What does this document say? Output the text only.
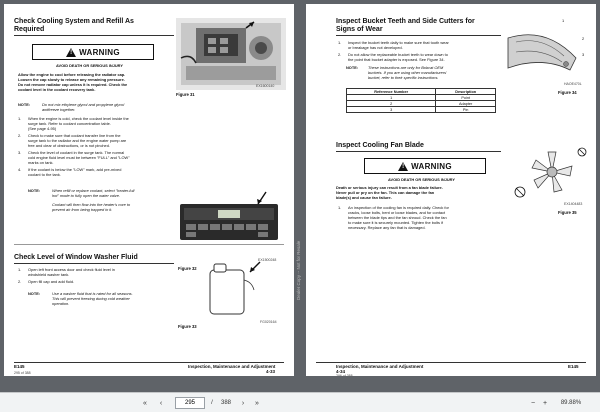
Check Cooling System and Refill As
Required
!
WARNING
AVOID DEATH OR SERIOUS INJURY
Allow the engine to cool before releasing the radiator cap.
Loosen the cap slowly to release any remaining pressure.
Do not remove radiator cap unless it is required. Check the
coolant level in the coolant recovery tank.
NOTE:	Do not mix ethylene glycol and propylene glycol
antifreeze together.
1.	When the engine is cold, check the coolant level inside the
surge tank. Refer to coolant concentration table.
(See page 4-95)
2.	Check to make sure that coolant transfer line from the
surge tank to the radiator and the engine water pump are
free and clear of obstructions, or is not pinched.
3.	Check the level of coolant in the surge tank. The normal
cold engine fluid level must be between "FULL" and "LOW"
marks on tank.
4.	If the coolant is below the "LOW" mark, add pre-mixed
coolant to the tank.
NOTE:	When refill or replace coolant, select "heater-full
hot" mode to fully open the water valve.
Coolant will then flow into the heater's core to
prevent air from being trapped in it.
EX1600140
Figure 31
EX1500248
Figure 32
Check Level of Window Washer Fluid
1.	Open left front access door and check fluid level in
windshield washer tank.
2.	Open fill cap and add fluid.
NOTE:	Use a washer fluid that is rated for all seasons.
This will prevent freezing during cold weather
operation.
FG020164
Figure 33
E145	Inspection, Maintenance and Adjustment
4-33
295 of 388
Dealer Copy -- Not for Resale
Inspect Bucket Teeth and Side Cutters for
Signs of Wear
1.	Inspect the bucket teeth daily to make sure that tooth wear
or breakage has not developed.
2.	Do not allow the replaceable bucket teeth to wear down to
the point that bucket adapter is exposed. See Figure 34.
NOTE:	These instructions are only for Bobcat OEM
buckets. If you are using other manufacturers'
bucket, refer to their specific instructions.
Reference Number	Description
1	Point
2	Adapter
3	Pin
1
2
3
HAOE470L
Figure 34
Inspect Cooling Fan Blade
!
WARNING
AVOID DEATH OR SERIOUS INJURY
Death or serious injury can result from a fan blade failure.
Never pull or pry on the fan. This can damage the fan
blade(s) and cause fan failure.
1.	An inspection of the cooling fan is required daily. Check for
cracks, loose bolts, bent or loose blades, and for contact
between the blade tips and the fan shroud. Check the fan
to make sure it is securely mounted. Tighten the bolts if
necessary. Replace any fan that is damaged.
EX1404483
Figure 35
Inspection, Maintenance and Adjustment
4-34
E145
296 of 388
«	‹	295	/	388	›	»	−	+	89.88%
